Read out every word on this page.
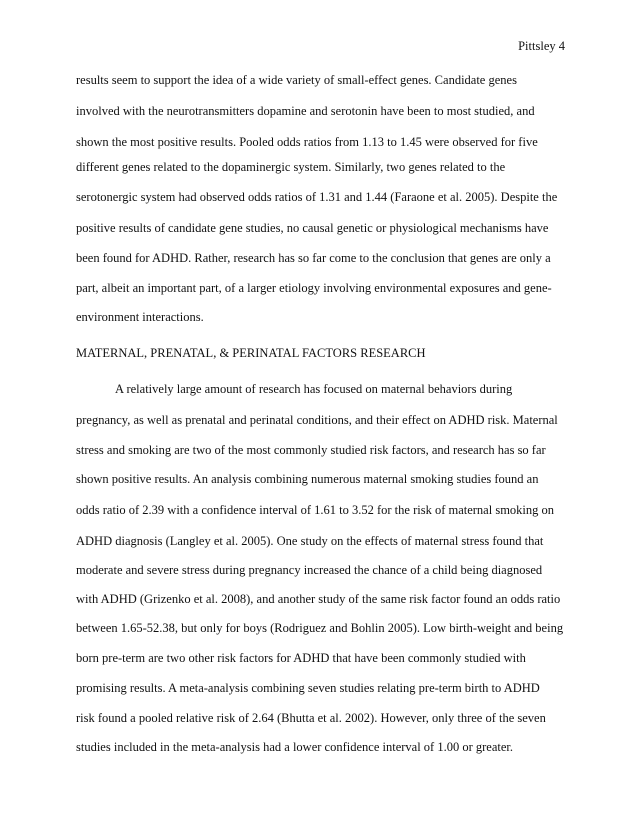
Pittsley 4
results seem to support the idea of a wide variety of small-effect genes. Candidate genes
involved with the neurotransmitters dopamine and serotonin have been to most studied, and
shown the most positive results. Pooled odds ratios from 1.13 to 1.45 were observed for five
different genes related to the dopaminergic system. Similarly, two genes related to the
serotonergic system had observed odds ratios of 1.31 and 1.44 (Faraone et al. 2005). Despite the
positive results of candidate gene studies, no causal genetic or physiological mechanisms have
been found for ADHD. Rather, research has so far come to the conclusion that genes are only a
part, albeit an important part, of a larger etiology involving environmental exposures and gene-
environment interactions.
MATERNAL, PRENATAL, & PERINATAL FACTORS RESEARCH
A relatively large amount of research has focused on maternal behaviors during
pregnancy, as well as prenatal and perinatal conditions, and their effect on ADHD risk. Maternal
stress and smoking are two of the most commonly studied risk factors, and research has so far
shown positive results. An analysis combining numerous maternal smoking studies found an
odds ratio of 2.39 with a confidence interval of 1.61 to 3.52 for the risk of maternal smoking on
ADHD diagnosis (Langley et al. 2005). One study on the effects of maternal stress found that
moderate and severe stress during pregnancy increased the chance of a child being diagnosed
with ADHD (Grizenko et al. 2008), and another study of the same risk factor found an odds ratio
between 1.65-52.38, but only for boys (Rodriguez and Bohlin 2005). Low birth-weight and being
born pre-term are two other risk factors for ADHD that have been commonly studied with
promising results. A meta-analysis combining seven studies relating pre-term birth to ADHD
risk found a pooled relative risk of 2.64 (Bhutta et al. 2002). However, only three of the seven
studies included in the meta-analysis had a lower confidence interval of 1.00 or greater.
